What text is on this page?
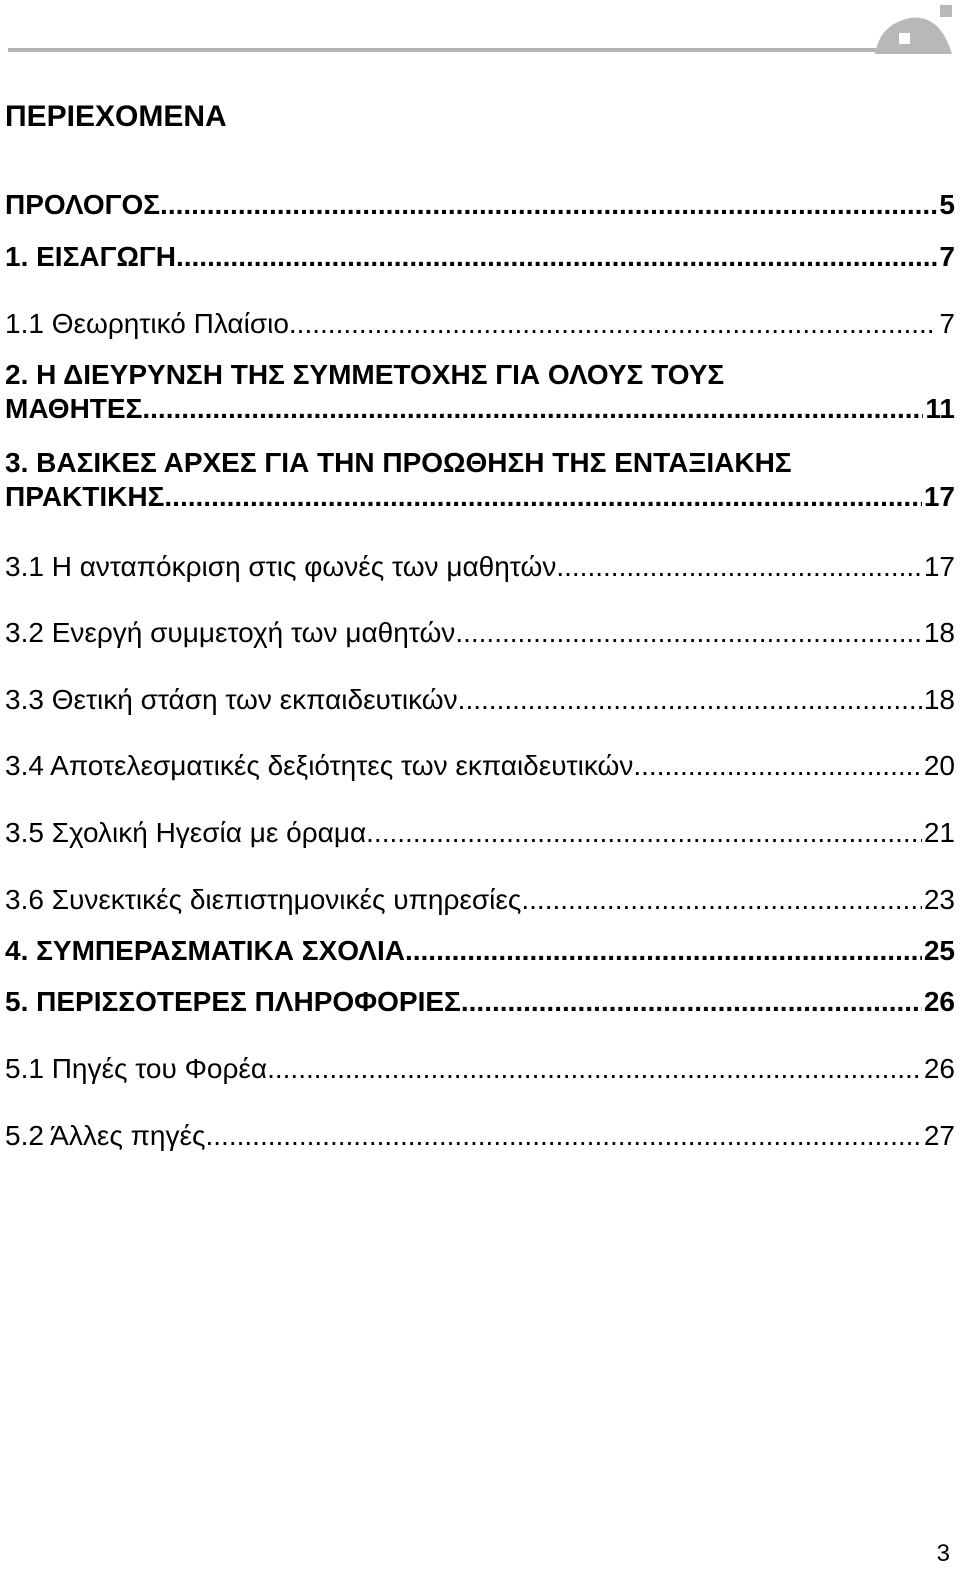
ΠΕΡΙΕΧΟΜΕΝΑ
ΠΡΟΛΟΓΟΣ .....	5
1. ΕΙΣΑΓΩΓΗ .....	7
1.1 Θεωρητικό Πλαίσιο .....	7
2. Η ΔΙΕΥΡΥΝΣΗ ΤΗΣ ΣΥΜΜΕΤΟΧΗΣ ΓΙΑ ΟΛΟΥΣ ΤΟΥΣ
ΜΑΘΗΤΕΣ .....	11
3. ΒΑΣΙΚΕΣ ΑΡΧΕΣ ΓΙΑ ΤΗΝ ΠΡΟΩΘΗΣΗ ΤΗΣ ΕΝΤΑΞΙΑΚΗΣ
ΠΡΑΚΤΙΚΗΣ .....	17
3.1 Η ανταπόκριση στις φωνές των μαθητών .....	17
3.2 Ενεργή συμμετοχή των μαθητών .....	18
3.3 Θετική στάση των εκπαιδευτικών .....	18
3.4 Αποτελεσματικές δεξιότητες των εκπαιδευτικών .....	20
3.5 Σχολική Ηγεσία με όραμα .....	21
3.6 Συνεκτικές διεπιστημονικές υπηρεσίες .....	23
4. ΣΥΜΠΕΡΑΣΜΑΤΙΚΑ ΣΧΟΛΙΑ .....	25
5. ΠΕΡΙΣΣΟΤΕΡΕΣ ΠΛΗΡΟΦΟΡΙΕΣ .....	26
5.1 Πηγές του Φορέα .....	26
5.2 Άλλες πηγές .....	27
3
